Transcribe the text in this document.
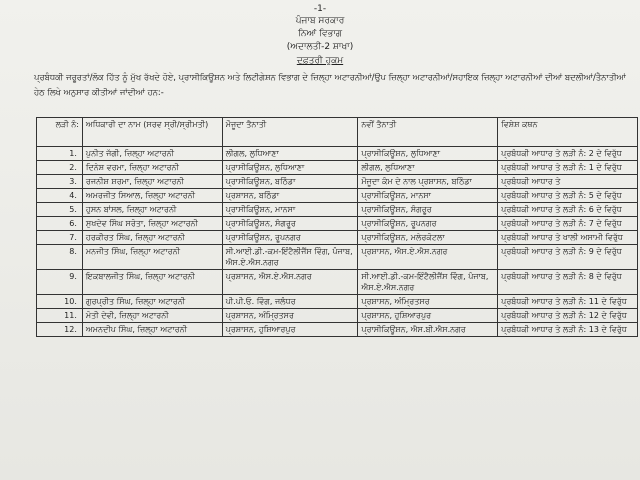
-1-
ਪੰਜਾਬ ਸਰਕਾਰ
ਨਿਆਂ ਵਿਭਾਗ
(ਅਦਾਲਤੀ-2 ਸ਼ਾਖਾ)
ਦਫ਼ਤਰੀ ਹੁਕਮ
ਪ੍ਰਬੰਧਕੀ ਜਰੂਰਤਾਂ/ਲੋਕ ਹਿੱਤ ਨੂੰ ਮੁੱਖ ਰੱਖਦੇ ਹੋਏ, ਪ੍ਰਾਸੀਕਿਊਸ਼ਨ ਅਤੇ ਲਿਟੀਗੇਸ਼ਨ ਵਿਭਾਗ ਦੇ ਜ਼ਿਲ੍ਹਾ ਅਟਾਰਨੀਆਂ/ਉਪ ਜ਼ਿਲ੍ਹਾ ਅਟਾਰਨੀਆਂ/ਸਹਾਇਕ ਜ਼ਿਲ੍ਹਾ ਅਟਾਰਨੀਆਂ ਦੀਆਂ ਬਦਲੀਆਂ/ਤੈਨਾਤੀਆਂ ਹੇਠ ਲਿਖੇ ਅਨੁਸਾਰ ਕੀਤੀਆਂ ਜਾਂਦੀਆਂ ਹਨ:-
ਲੜੀ ਨੰ:	ਅਧਿਕਾਰੀ ਦਾ ਨਾਮ (ਸਰਵ ਸ੍ਰੀ/ਸ੍ਰੀਮਤੀ)	ਮੌਜੂਦਾ ਤੈਨਾਤੀ	ਨਵੀਂ ਤੈਨਾਤੀ	ਵਿਸ਼ੇਸ਼ ਕਥਨ
1.	ਪੁਨੀਤ ਜੱਗੀ, ਜ਼ਿਲ੍ਹਾ ਅਟਾਰਨੀ	ਲੀਗਲ, ਲੁਧਿਆਣਾ	ਪ੍ਰਾਸੀਕਿਊਸ਼ਨ, ਲੁਧਿਆਣਾ	ਪ੍ਰਬੰਧਕੀ ਆਧਾਰ ਤੇ ਲੜੀ ਨੰ: 2 ਦੇ ਵਿਰੁੱਧ
2.	ਦਿਨੇਸ਼ ਵਰਮਾ, ਜ਼ਿਲ੍ਹਾ ਅਟਾਰਨੀ	ਪ੍ਰਾਸੀਕਿਊਸ਼ਨ, ਲੁਧਿਆਣਾ	ਲੀਗਲ, ਲੁਧਿਆਣਾ	ਪ੍ਰਬੰਧਕੀ ਆਧਾਰ ਤੇ ਲੜੀ ਨੰ: 1 ਦੇ ਵਿਰੁੱਧ
3.	ਰਜਨੀਸ਼ ਸ਼ਰਮਾ, ਜ਼ਿਲ੍ਹਾ ਅਟਾਰਨੀ	ਪ੍ਰਾਸੀਕਿਊਸ਼ਨ, ਬਠਿੰਡਾ	ਮੌਜੂਦਾ ਕੰਮ ਦੇ ਨਾਲ ਪ੍ਰਸ਼ਾਸਨ, ਬਠਿੰਡਾ	ਪ੍ਰਬੰਧਕੀ ਆਧਾਰ ਤੇ
4.	ਅਮਰਜੀਤ ਸਿਆਲ, ਜ਼ਿਲ੍ਹਾ ਅਟਾਰਨੀ	ਪ੍ਰਸ਼ਾਸਨ, ਬਠਿੰਡਾ	ਪ੍ਰਾਸੀਕਿਊਸ਼ਨ, ਮਾਨਸਾ	ਪ੍ਰਬੰਧਕੀ ਆਧਾਰ ਤੇ ਲੜੀ ਨੰ: 5 ਦੇ ਵਿਰੁੱਧ
5.	ਹੁਸਨ ਬਾਂਸਲ, ਜ਼ਿਲ੍ਹਾ ਅਟਾਰਨੀ	ਪ੍ਰਾਸੀਕਿਊਸ਼ਨ, ਮਾਨਸਾ	ਪ੍ਰਾਸੀਕਿਊਸ਼ਨ, ਸੰਗਰੂਰ	ਪ੍ਰਬੰਧਕੀ ਆਧਾਰ ਤੇ ਲੜੀ ਨੰ: 6 ਦੇ ਵਿਰੁੱਧ
6.	ਸੁਖਦੇਵ ਸਿੰਘ ਸਰੋਤਾ, ਜ਼ਿਲ੍ਹਾ ਅਟਾਰਨੀ	ਪ੍ਰਾਸੀਕਿਊਸ਼ਨ, ਸੰਗਰੂਰ	ਪ੍ਰਾਸੀਕਿਊਸ਼ਨ, ਰੂਪਨਗਰ	ਪ੍ਰਬੰਧਕੀ ਆਧਾਰ ਤੇ ਲੜੀ ਨੰ: 7 ਦੇ ਵਿਰੁੱਧ
7.	ਹਰਕੀਰਤ ਸਿੰਘ, ਜ਼ਿਲ੍ਹਾ ਅਟਾਰਨੀ	ਪ੍ਰਾਸੀਕਿਊਸ਼ਨ, ਰੂਪਨਗਰ	ਪ੍ਰਾਸੀਕਿਊਸ਼ਨ, ਮਲੇਰਕੋਟਲਾ	ਪ੍ਰਬੰਧਕੀ ਆਧਾਰ ਤੇ ਖਾਲੀ ਅਸਾਮੀ ਵਿਰੁੱਧ
8.	ਮਨਜੀਤ ਸਿੰਘ, ਜ਼ਿਲ੍ਹਾ ਅਟਾਰਨੀ	ਸੀ.ਆਈ.ਡੀ.-ਕਮ-ਇੰਟੈਲੀਜੈਂਸ ਵਿੰਗ, ਪੰਜਾਬ, ਐਸ.ਏ.ਐਸ.ਨਗਰ	ਪ੍ਰਸ਼ਾਸਨ, ਐਸ.ਏ.ਐਸ.ਨਗਰ	ਪ੍ਰਬੰਧਕੀ ਆਧਾਰ ਤੇ ਲੜੀ ਨੰ: 9 ਦੇ ਵਿਰੁੱਧ
9.	ਇਕਬਾਲਜੀਤ ਸਿੰਘ, ਜ਼ਿਲ੍ਹਾ ਅਟਾਰਨੀ	ਪ੍ਰਸ਼ਾਸਨ, ਐਸ.ਏ.ਐਸ.ਨਗਰ	ਸੀ.ਆਈ.ਡੀ.-ਕਮ-ਇੰਟੈਲੀਜੈਂਸ ਵਿੰਗ, ਪੰਜਾਬ, ਐਸ.ਏ.ਐਸ.ਨਗਰ	ਪ੍ਰਬੰਧਕੀ ਆਧਾਰ ਤੇ ਲੜੀ ਨੰ: 8 ਦੇ ਵਿਰੁੱਧ
10.	ਗੁਰਪ੍ਰੀਤ ਸਿੰਘ, ਜ਼ਿਲ੍ਹਾ ਅਟਾਰਨੀ	ਪੀ.ਪੀ.ਓ. ਵਿੰਗ, ਜਲੰਧਰ	ਪ੍ਰਸ਼ਾਸਨ, ਅੰਮ੍ਰਿਤਸਰ	ਪ੍ਰਬੰਧਕੀ ਆਧਾਰ ਤੇ ਲੜੀ ਨੰ: 11 ਦੇ ਵਿਰੁੱਧ
11.	ਮੋਤੀ ਦੇਵੀ, ਜ਼ਿਲ੍ਹਾ ਅਟਾਰਨੀ	ਪ੍ਰਸ਼ਾਸਨ, ਅੰਮ੍ਰਿਤਸਰ	ਪ੍ਰਸ਼ਾਸਨ, ਹੁਸ਼ਿਆਰਪੁਰ	ਪ੍ਰਬੰਧਕੀ ਆਧਾਰ ਤੇ ਲੜੀ ਨੰ: 12 ਦੇ ਵਿਰੁੱਧ
12.	ਅਮਨਦੀਪ ਸਿੰਘ, ਜ਼ਿਲ੍ਹਾ ਅਟਾਰਨੀ	ਪ੍ਰਸ਼ਾਸਨ, ਹੁਸ਼ਿਆਰਪੁਰ	ਪ੍ਰਾਸੀਕਿਊਸ਼ਨ, ਐਸ.ਬੀ.ਐਸ.ਨਗਰ	ਪ੍ਰਬੰਧਕੀ ਆਧਾਰ ਤੇ ਲੜੀ ਨੰ: 13 ਦੇ ਵਿਰੁੱਧ
